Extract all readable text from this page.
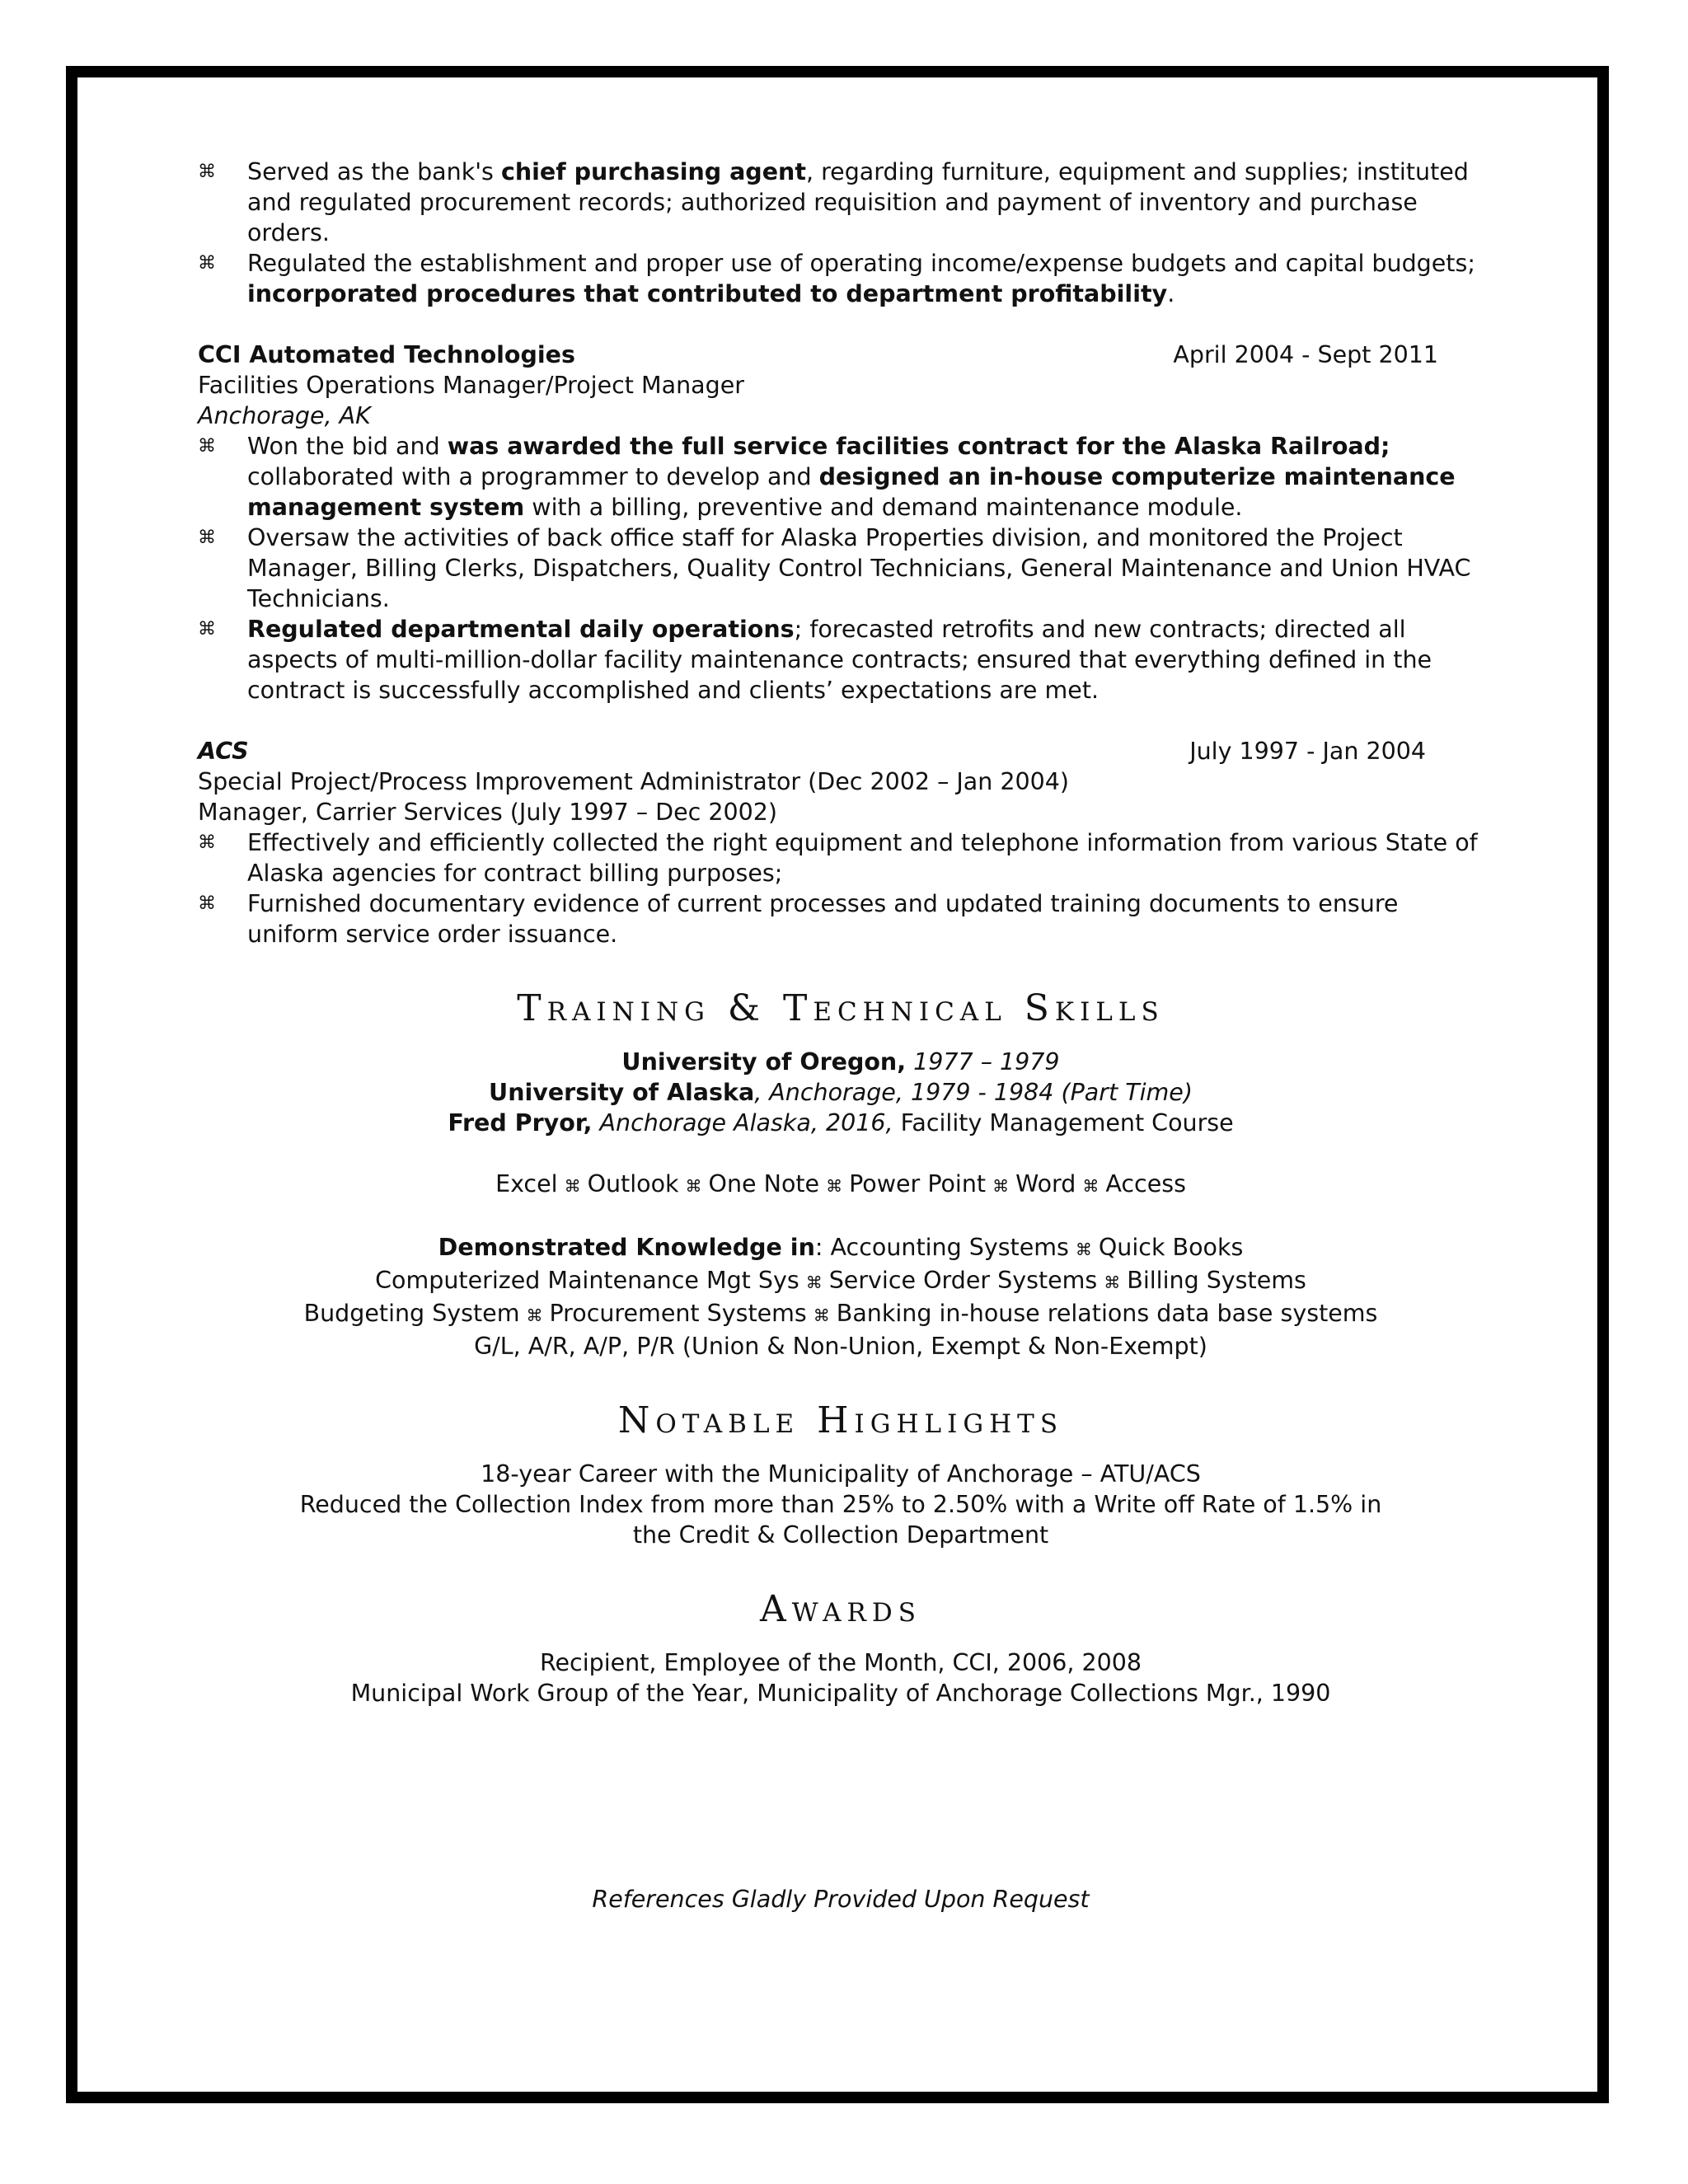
⌘ Served as the bank's chief purchasing agent, regarding furniture, equipment and supplies; instituted and regulated procurement records; authorized requisition and payment of inventory and purchase orders.
⌘ Regulated the establishment and proper use of operating income/expense budgets and capital budgets; incorporated procedures that contributed to department profitability.
CCI Automated Technologies	April 2004 - Sept 2011
Facilities Operations Manager/Project Manager
Anchorage, AK
⌘ Won the bid and was awarded the full service facilities contract for the Alaska Railroad; collaborated with a programmer to develop and designed an in-house computerize maintenance management system with a billing, preventive and demand maintenance module.
⌘ Oversaw the activities of back office staff for Alaska Properties division, and monitored the Project Manager, Billing Clerks, Dispatchers, Quality Control Technicians, General Maintenance and Union HVAC Technicians.
⌘ Regulated departmental daily operations; forecasted retrofits and new contracts; directed all aspects of multi-million-dollar facility maintenance contracts; ensured that everything defined in the contract is successfully accomplished and clients’ expectations are met.
ACS	July 1997 - Jan 2004
Special Project/Process Improvement Administrator (Dec 2002 – Jan 2004)
Manager, Carrier Services (July 1997 – Dec 2002)
⌘ Effectively and efficiently collected the right equipment and telephone information from various State of Alaska agencies for contract billing purposes;
⌘ Furnished documentary evidence of current processes and updated training documents to ensure uniform service order issuance.
Training & Technical Skills
University of Oregon, 1977 – 1979
University of Alaska, Anchorage, 1979 - 1984 (Part Time)
Fred Pryor, Anchorage Alaska, 2016, Facility Management Course
Excel ⌘ Outlook ⌘ One Note ⌘ Power Point ⌘ Word ⌘ Access
Demonstrated Knowledge in: Accounting Systems ⌘ Quick Books
Computerized Maintenance Mgt Sys ⌘ Service Order Systems ⌘ Billing Systems
Budgeting System ⌘ Procurement Systems ⌘ Banking in-house relations data base systems
G/L, A/R, A/P, P/R (Union & Non-Union, Exempt & Non-Exempt)
Notable Highlights
18-year Career with the Municipality of Anchorage – ATU/ACS
Reduced the Collection Index from more than 25% to 2.50% with a Write off Rate of 1.5% in
the Credit & Collection Department
Awards
Recipient, Employee of the Month, CCI, 2006, 2008
Municipal Work Group of the Year, Municipality of Anchorage Collections Mgr., 1990
References Gladly Provided Upon Request
